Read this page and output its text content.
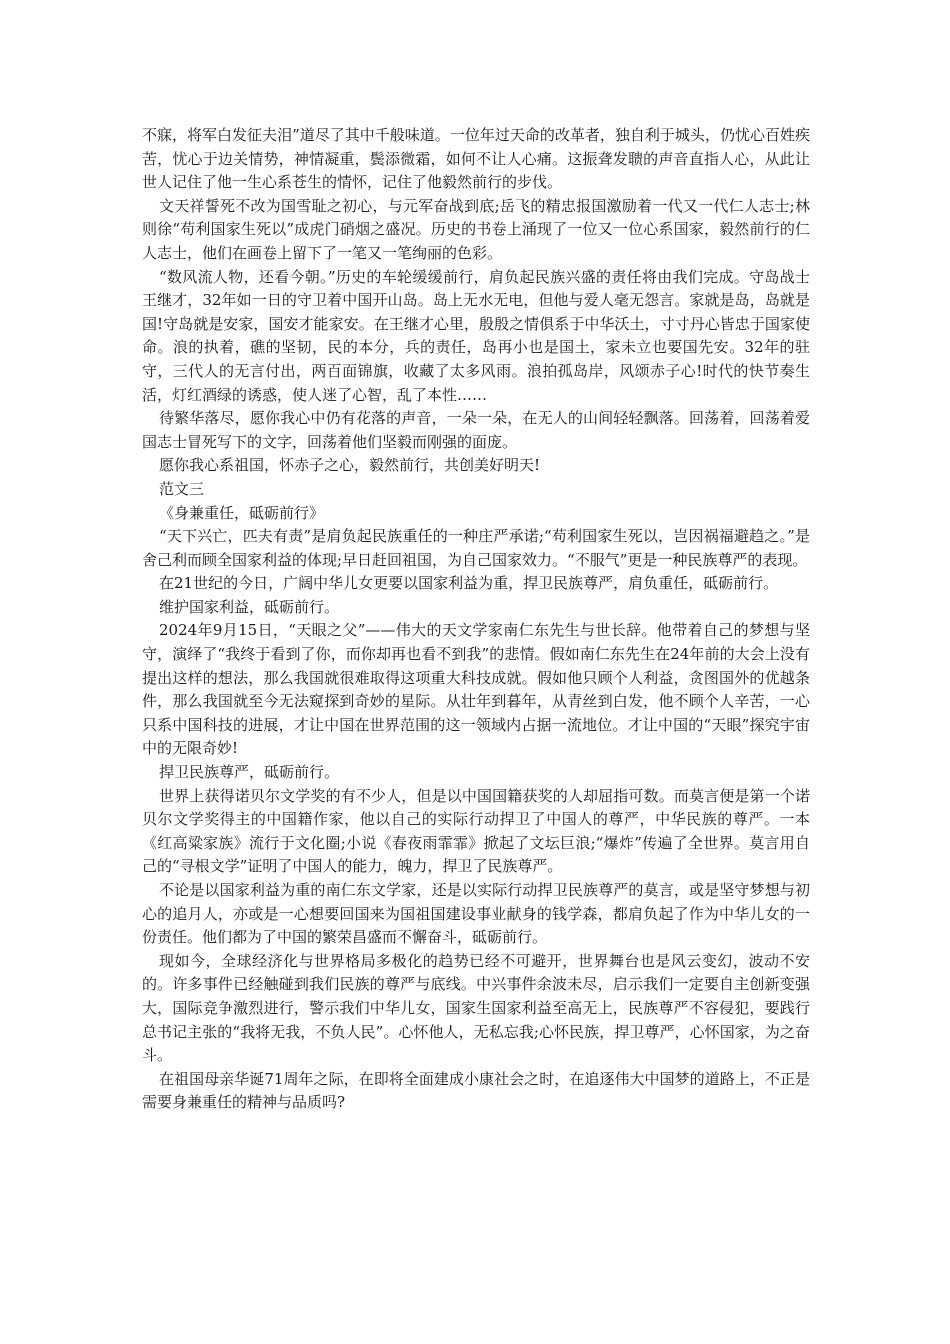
不寐，将军白发征夫泪”道尽了其中千般味道。一位年过天命的改革者，独自利于城头，仍忧心百姓疾苦，忧心于边关情势，神情凝重，鬓添微霜，如何不让人心痛。这振聋发聩的声音直指人心，从此让世人记住了他一生心系苍生的情怀，记住了他毅然前行的步伐。

文天祥誓死不改为国雪耻之初心，与元军奋战到底;岳飞的精忠报国激励着一代又一代仁人志士;林则徐“苟利国家生死以”成虎门硝烟之盛况。历史的书卷上涌现了一位又一位心系国家，毅然前行的仁人志士，他们在画卷上留下了一笔又一笔绚丽的色彩。

“数风流人物，还看今朝。”历史的车轮缓缓前行，肩负起民族兴盛的责任将由我们完成。守岛战士王继才，32年如一日的守卫着中国开山岛。岛上无水无电，但他与爱人毫无怨言。家就是岛，岛就是国!守岛就是安家，国安才能家安。在王继才心里，殷殷之情俱系于中华沃土，寸寸丹心皆忠于国家使命。浪的执着，礁的坚韧，民的本分，兵的责任，岛再小也是国土，家未立也要国先安。32年的驻守，三代人的无言付出，两百面锦旗，收藏了太多风雨。浪拍孤岛岸，风颂赤子心!时代的快节奏生活，灯红酒绿的诱惑，使人迷了心智，乱了本性……

待繁华落尽，愿你我心中仍有花落的声音，一朵一朵，在无人的山间轻轻飘落。回荡着，回荡着爱国志士冒死写下的文字，回荡着他们坚毅而刚强的面庞。

愿你我心系祖国，怀赤子之心，毅然前行，共创美好明天!

范文三

《身兼重任，砥砺前行》

“天下兴亡，匹夫有责”是肩负起民族重任的一种庄严承诺;“苟利国家生死以，岂因祸福避趋之。”是舍己利而顾全国家利益的体现;早日赶回祖国，为自己国家效力。“不服气”更是一种民族尊严的表现。

在21世纪的今日，广阔中华儿女更要以国家利益为重，捍卫民族尊严，肩负重任，砥砺前行。

维护国家利益，砥砺前行。

2024年9月15日，“天眼之父”——伟大的天文学家南仁东先生与世长辞。他带着自己的梦想与坚守，演绎了“我终于看到了你，而你却再也看不到我”的悲情。假如南仁东先生在24年前的大会上没有提出这样的想法，那么我国就很难取得这项重大科技成就。假如他只顾个人利益，贪图国外的优越条件，那么我国就至今无法窥探到奇妙的星际。从壮年到暮年，从青丝到白发，他不顾个人辛苦，一心只系中国科技的进展，才让中国在世界范围的这一领域内占据一流地位。才让中国的“天眼”探究宇宙中的无限奇妙!

捍卫民族尊严，砥砺前行。

世界上获得诺贝尔文学奖的有不少人，但是以中国国籍获奖的人却屈指可数。而莫言便是第一个诺贝尔文学奖得主的中国籍作家，他以自己的实际行动捍卫了中国人的尊严，中华民族的尊严。一本《红高粱家族》流行于文化圈;小说《春夜雨霏霏》掀起了文坛巨浪;“爆炸”传遍了全世界。莫言用自己的“寻根文学”证明了中国人的能力，魄力，捍卫了民族尊严。

不论是以国家利益为重的南仁东文学家，还是以实际行动捍卫民族尊严的莫言，或是坚守梦想与初心的追月人，亦或是一心想要回国来为国祖国建设事业献身的钱学森，都肩负起了作为中华儿女的一份责任。他们都为了中国的繁荣昌盛而不懈奋斗，砥砺前行。

现如今，全球经济化与世界格局多极化的趋势已经不可避开，世界舞台也是风云变幻，波动不安的。许多事件已经触碰到我们民族的尊严与底线。中兴事件余波未尽，启示我们一定要自主创新变强大，国际竞争激烈进行，警示我们中华儿女，国家生国家利益至高无上，民族尊严不容侵犯，要践行总书记主张的“我将无我，不负人民”。心怀他人，无私忘我;心怀民族，捍卫尊严，心怀国家，为之奋斗。

在祖国母亲华诞71周年之际，在即将全面建成小康社会之时，在追逐伟大中国梦的道路上，不正是需要身兼重任的精神与品质吗?
